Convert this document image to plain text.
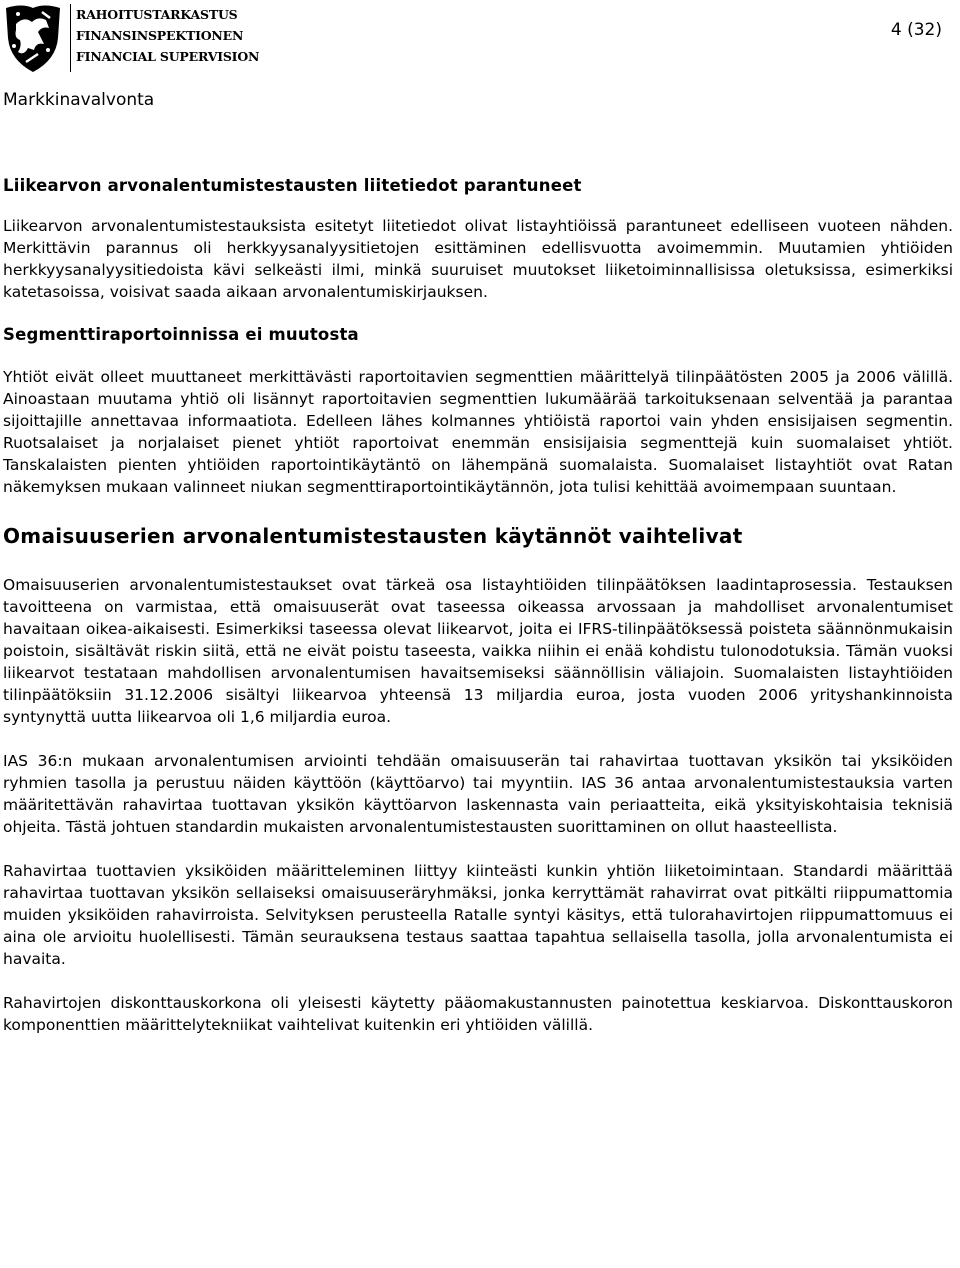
RAHOITUSTARKASTUS
FINANSINSPEKTIONEN
FINANCIAL SUPERVISION
4 (32)
Markkinavalvonta
Liikearvon arvonalentumistestausten liitetiedot parantuneet

Liikearvon arvonalentumistestauksista esitetyt liitetiedot olivat listayhtiöissä parantuneet edelliseen vuoteen nähden. Merkittävin parannus oli herkkyysanalyysitietojen esittäminen edellisvuotta avoimemmin. Muutamien yhtiöiden herkkyysanalyysitiedoista kävi selkeästi ilmi, minkä suuruiset muutokset liiketoiminnallisissa oletuksissa, esimerkiksi katetasoissa, voisivat saada aikaan arvonalentumiskirjauksen.

Segmenttiraportoinnissa ei muutosta

Yhtiöt eivät olleet muuttaneet merkittävästi raportoitavien segmenttien määrittelyä tilinpäätösten 2005 ja 2006 välillä. Ainoastaan muutama yhtiö oli lisännyt raportoitavien segmenttien lukumäärää tarkoituksenaan selventää ja parantaa sijoittajille annettavaa informaatiota. Edelleen lähes kolmannes yhtiöistä raportoi vain yhden ensisijaisen segmentin. Ruotsalaiset ja norjalaiset pienet yhtiöt raportoivat enemmän ensisijaisia segmenttejä kuin suomalaiset yhtiöt. Tanskalaisten pienten yhtiöiden raportointikäytäntö on lähempänä suomalaista. Suomalaiset listayhtiöt ovat Ratan näkemyksen mukaan valinneet niukan segmenttiraportointikäytännön, jota tulisi kehittää avoimempaan suuntaan.

Omaisuuserien arvonalentumistestausten käytännöt vaihtelivat

Omaisuuserien arvonalentumistestaukset ovat tärkeä osa listayhtiöiden tilinpäätöksen laadintaprosessia. Testauksen tavoitteena on varmistaa, että omaisuuserät ovat taseessa oikeassa arvossaan ja mahdolliset arvonalentumiset havaitaan oikea-aikaisesti. Esimerkiksi taseessa olevat liikearvot, joita ei IFRS-tilinpäätöksessä poisteta säännönmukaisin poistoin, sisältävät riskin siitä, että ne eivät poistu taseesta, vaikka niihin ei enää kohdistu tulonodotuksia. Tämän vuoksi liikearvot testataan mahdollisen arvonalentumisen havaitsemiseksi säännöllisin väliajoin. Suomalaisten listayhtiöiden tilinpäätöksiin 31.12.2006 sisältyi liikearvoa yhteensä 13 miljardia euroa, josta vuoden 2006 yrityshankinnoista syntynyttä uutta liikearvoa oli 1,6 miljardia euroa.

IAS 36:n mukaan arvonalentumisen arviointi tehdään omaisuuserän tai rahavirtaa tuottavan yksikön tai yksiköiden ryhmien tasolla ja perustuu näiden käyttöön (käyttöarvo) tai myyntiin. IAS 36 antaa arvonalentumistestauksia varten määritettävän rahavirtaa tuottavan yksikön käyttöarvon laskennasta vain periaatteita, eikä yksityiskohtaisia teknisiä ohjeita. Tästä johtuen standardin mukaisten arvonalentumistestausten suorittaminen on ollut haasteellista.

Rahavirtaa tuottavien yksiköiden määritteleminen liittyy kiinteästi kunkin yhtiön liiketoimintaan. Standardi määrittää rahavirtaa tuottavan yksikön sellaiseksi omaisuuseräryhmäksi, jonka kerryttämät rahavirrat ovat pitkälti riippumattomia muiden yksiköiden rahavirroista. Selvityksen perusteella Ratalle syntyi käsitys, että tulorahavirtojen riippumattomuus ei aina ole arvioitu huolellisesti. Tämän seurauksena testaus saattaa tapahtua sellaisella tasolla, jolla arvonalentumista ei havaita.

Rahavirtojen diskonttauskorkona oli yleisesti käytetty pääomakustannusten painotettua keskiarvoa. Diskonttauskoron komponenttien määrittelytekniikat vaihtelivat kuitenkin eri yhtiöiden välillä.
